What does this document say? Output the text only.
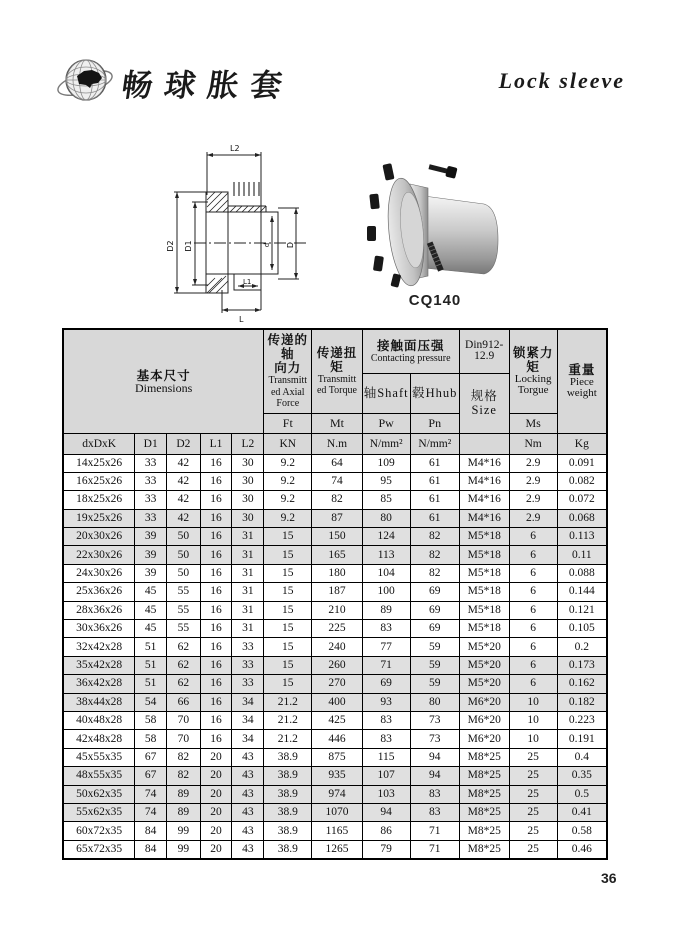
畅球胀套	Lock sleeve
L2
D2 D1	d D
L1
L
CQ140
基本尺寸
Dimensions					传递的轴
向力
Transmitt
ed Axial
Force	传递扭矩
Transmitt
ed Torque	接触面压强
Contacting pressure		Din912-
12.9	锁紧力矩
Locking
Torgue	重量
Piece
weight

							轴Shaft	毂Hhub	规格Size		

					Ft	Mt	Pw	Pn		Ms	
dxDxK	D1	D2	L1	L2	KN	N.m	N/mm²	N/mm²		Nm	Kg
14x25x26	33	42	16	30	9.2	64	109	61	M4*16	2.9	0.091
16x25x26	33	42	16	30	9.2	74	95	61	M4*16	2.9	0.082
18x25x26	33	42	16	30	9.2	82	85	61	M4*16	2.9	0.072
19x25x26	33	42	16	30	9.2	87	80	61	M4*16	2.9	0.068
20x30x26	39	50	16	31	15	150	124	82	M5*18	6	0.113
22x30x26	39	50	16	31	15	165	113	82	M5*18	6	0.11
24x30x26	39	50	16	31	15	180	104	82	M5*18	6	0.088
25x36x26	45	55	16	31	15	187	100	69	M5*18	6	0.144
28x36x26	45	55	16	31	15	210	89	69	M5*18	6	0.121
30x36x26	45	55	16	31	15	225	83	69	M5*18	6	0.105
32x42x28	51	62	16	33	15	240	77	59	M5*20	6	0.2
35x42x28	51	62	16	33	15	260	71	59	M5*20	6	0.173
36x42x28	51	62	16	33	15	270	69	59	M5*20	6	0.162
38x44x28	54	66	16	34	21.2	400	93	80	M6*20	10	0.182
40x48x28	58	70	16	34	21.2	425	83	73	M6*20	10	0.223
42x48x28	58	70	16	34	21.2	446	83	73	M6*20	10	0.191
45x55x35	67	82	20	43	38.9	875	115	94	M8*25	25	0.4
48x55x35	67	82	20	43	38.9	935	107	94	M8*25	25	0.35
50x62x35	74	89	20	43	38.9	974	103	83	M8*25	25	0.5
55x62x35	74	89	20	43	38.9	1070	94	83	M8*25	25	0.41
60x72x35	84	99	20	43	38.9	1165	86	71	M8*25	25	0.58
65x72x35	84	99	20	43	38.9	1265	79	71	M8*25	25	0.46
36
